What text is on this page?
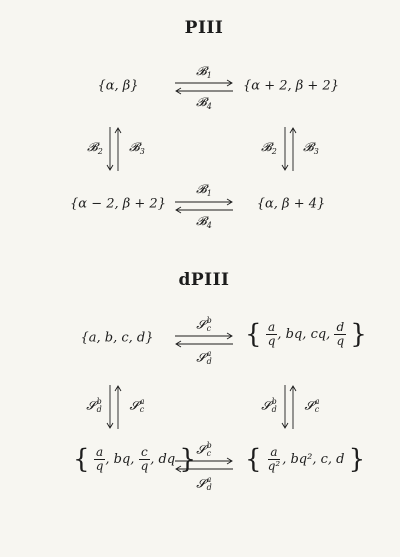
PIII
{α, β}	{α + 2, β + 2}
{α − 2, β + 2}	{α, β + 4}
𝓑$_1$
𝓑$_4$
𝓑$_1$
𝓑$_4$
𝓑$_2$ 𝓑$_3$	𝓑$_2$ 𝓑$_3$
dPIII
{a, b, c, d}	{ $\frac{a}{q}$ , bq, cq, $\frac{d}{q}$ }
𝓢 b
c
𝓢 a
d
𝓢 b
d 𝓢 a
c	𝓢 b
d 𝓢 a
c
{ $\frac{a}{q}$ , bq, $\frac{c}{q}$ , dq } 𝓢 b
c
𝓢 a
d
{ $\frac{a}{\text{q²}}$ , bq², c, d }
